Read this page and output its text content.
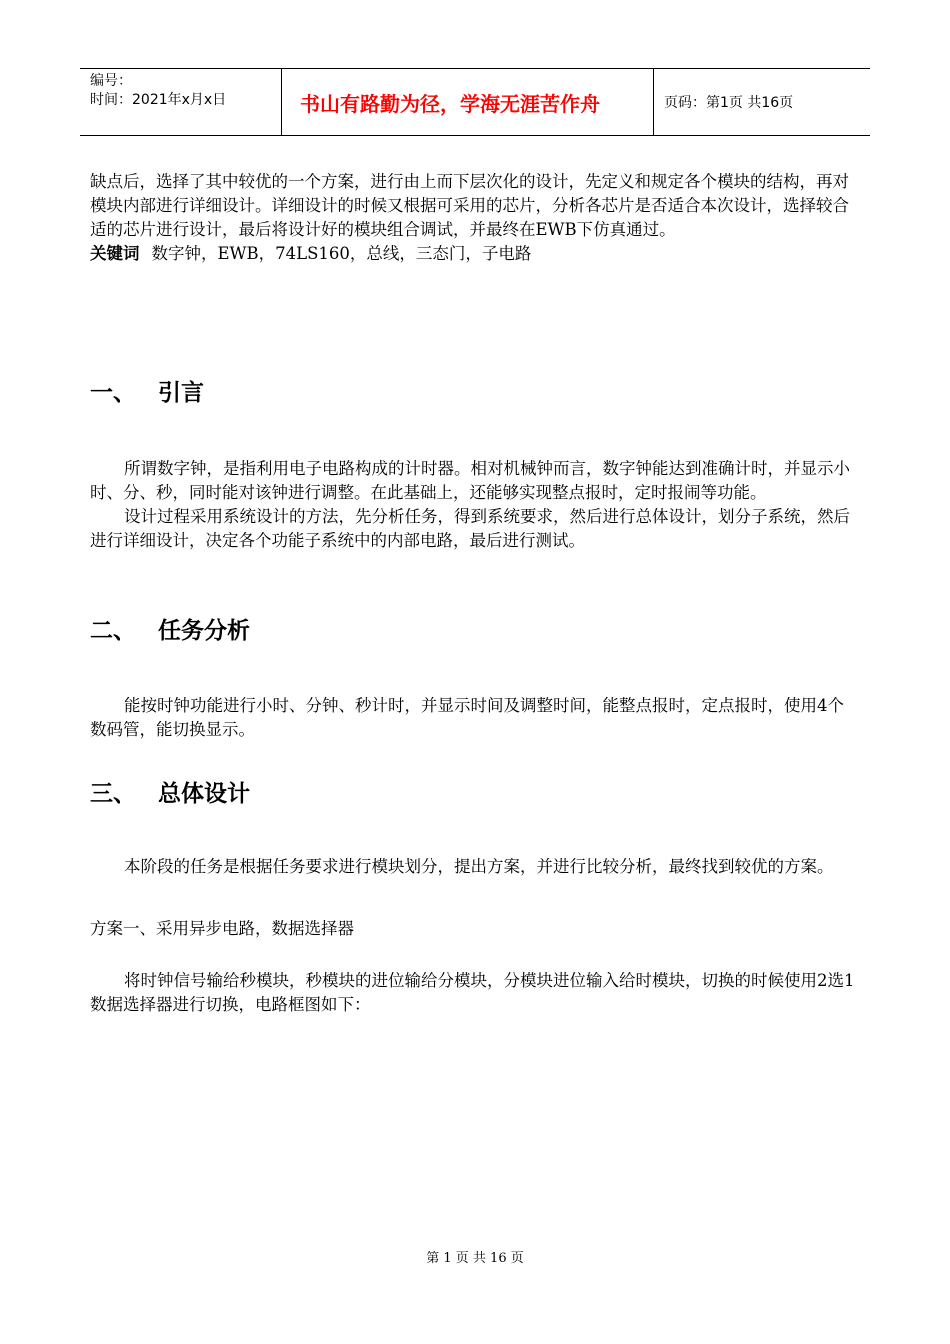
编号：
时间：2021年x月x日	书山有路勤为径，学海无涯苦作舟	页码：第1页 共16页

缺点后，选择了其中较优的一个方案，进行由上而下层次化的设计，先定义和规定各个模块的结构，再对模块内部进行详细设计。详细设计的时候又根据可采用的芯片，分析各芯片是否适合本次设计，选择较合适的芯片进行设计，最后将设计好的模块组合调试，并最终在EWB下仿真通过。

关键词 数字钟，EWB，74LS160，总线，三态门，子电路

一、 引言

所谓数字钟，是指利用电子电路构成的计时器。相对机械钟而言，数字钟能达到准确计时，并显示小时、分、秒，同时能对该钟进行调整。在此基础上，还能够实现整点报时，定时报闹等功能。

设计过程采用系统设计的方法，先分析任务，得到系统要求，然后进行总体设计，划分子系统，然后进行详细设计，决定各个功能子系统中的内部电路，最后进行测试。

二、 任务分析

能按时钟功能进行小时、分钟、秒计时，并显示时间及调整时间，能整点报时，定点报时，使用4个数码管，能切换显示。

三、 总体设计

本阶段的任务是根据任务要求进行模块划分，提出方案，并进行比较分析，最终找到较优的方案。

方案一、采用异步电路，数据选择器

将时钟信号输给秒模块，秒模块的进位输给分模块，分模块进位输入给时模块，切换的时候使用2选1数据选择器进行切换，电路框图如下：

第 1 页 共 16 页
